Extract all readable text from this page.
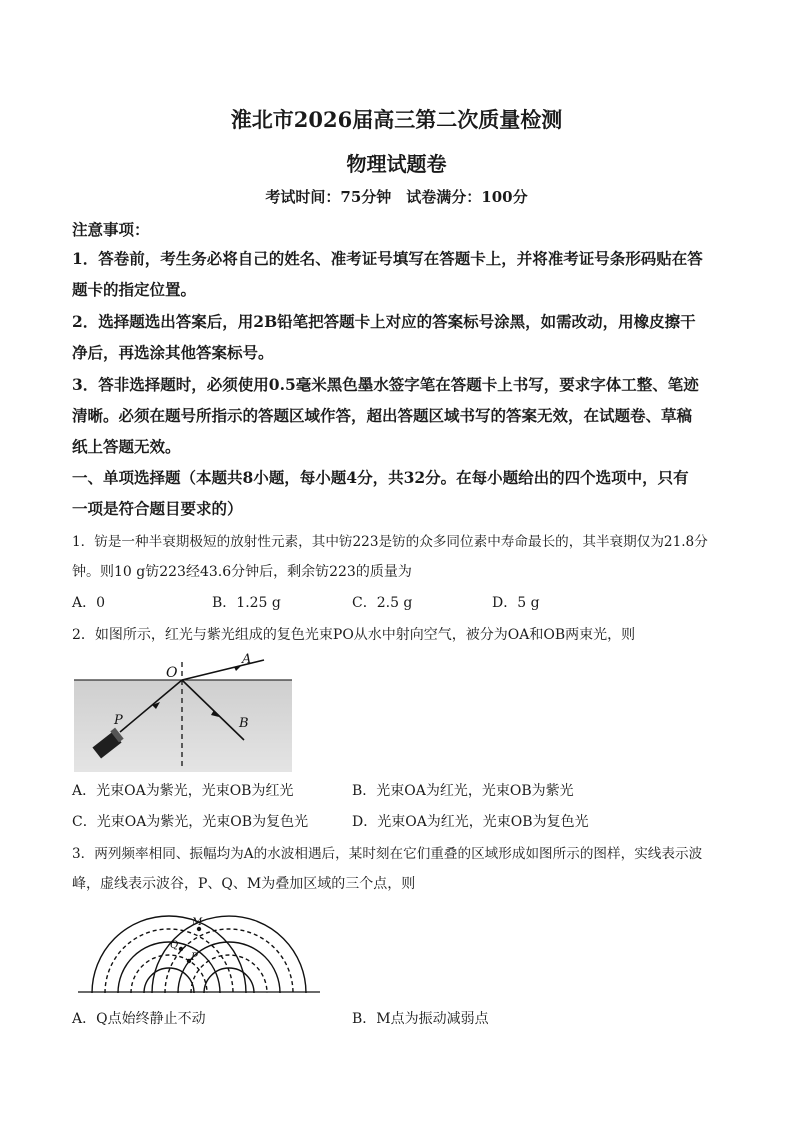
淮北市2026届高三第二次质量检测
物理试题卷
考试时间：75分钟　试卷满分：100分
注意事项：
1．答卷前，考生务必将自己的姓名、准考证号填写在答题卡上，并将准考证号条形码贴在答
题卡的指定位置。
2．选择题选出答案后，用2B铅笔把答题卡上对应的答案标号涂黑，如需改动，用橡皮擦干
净后，再选涂其他答案标号。
3．答非选择题时，必须使用0.5毫米黑色墨水签字笔在答题卡上书写，要求字体工整、笔迹
清晰。必须在题号所指示的答题区域作答，超出答题区域书写的答案无效，在试题卷、草稿
纸上答题无效。
一、单项选择题（本题共8小题，每小题4分，共32分。在每小题给出的四个选项中，只有
一项是符合题目要求的）
1．钫是一种半衰期极短的放射性元素，其中钫223是钫的众多同位素中寿命最长的，其半衰期仅为21.8分
钟。则10 g钫223经43.6分钟后，剩余钫223的质量为
A．0	B．1.25 g	C．2.5 g	D．5 g
2．如图所示，红光与紫光组成的复色光束PO从水中射向空气，被分为OA和OB两束光，则
O
A
P	B
A．光束OA为紫光，光束OB为红光	B．光束OA为红光，光束OB为紫光
C．光束OA为紫光，光束OB为复色光	D．光束OA为红光，光束OB为复色光
3．两列频率相同、振幅均为A的水波相遇后，某时刻在它们重叠的区域形成如图所示的图样，实线表示波
峰，虚线表示波谷，P、Q、M为叠加区域的三个点，则
M
Q
P
A．Q点始终静止不动	B．M点为振动减弱点
